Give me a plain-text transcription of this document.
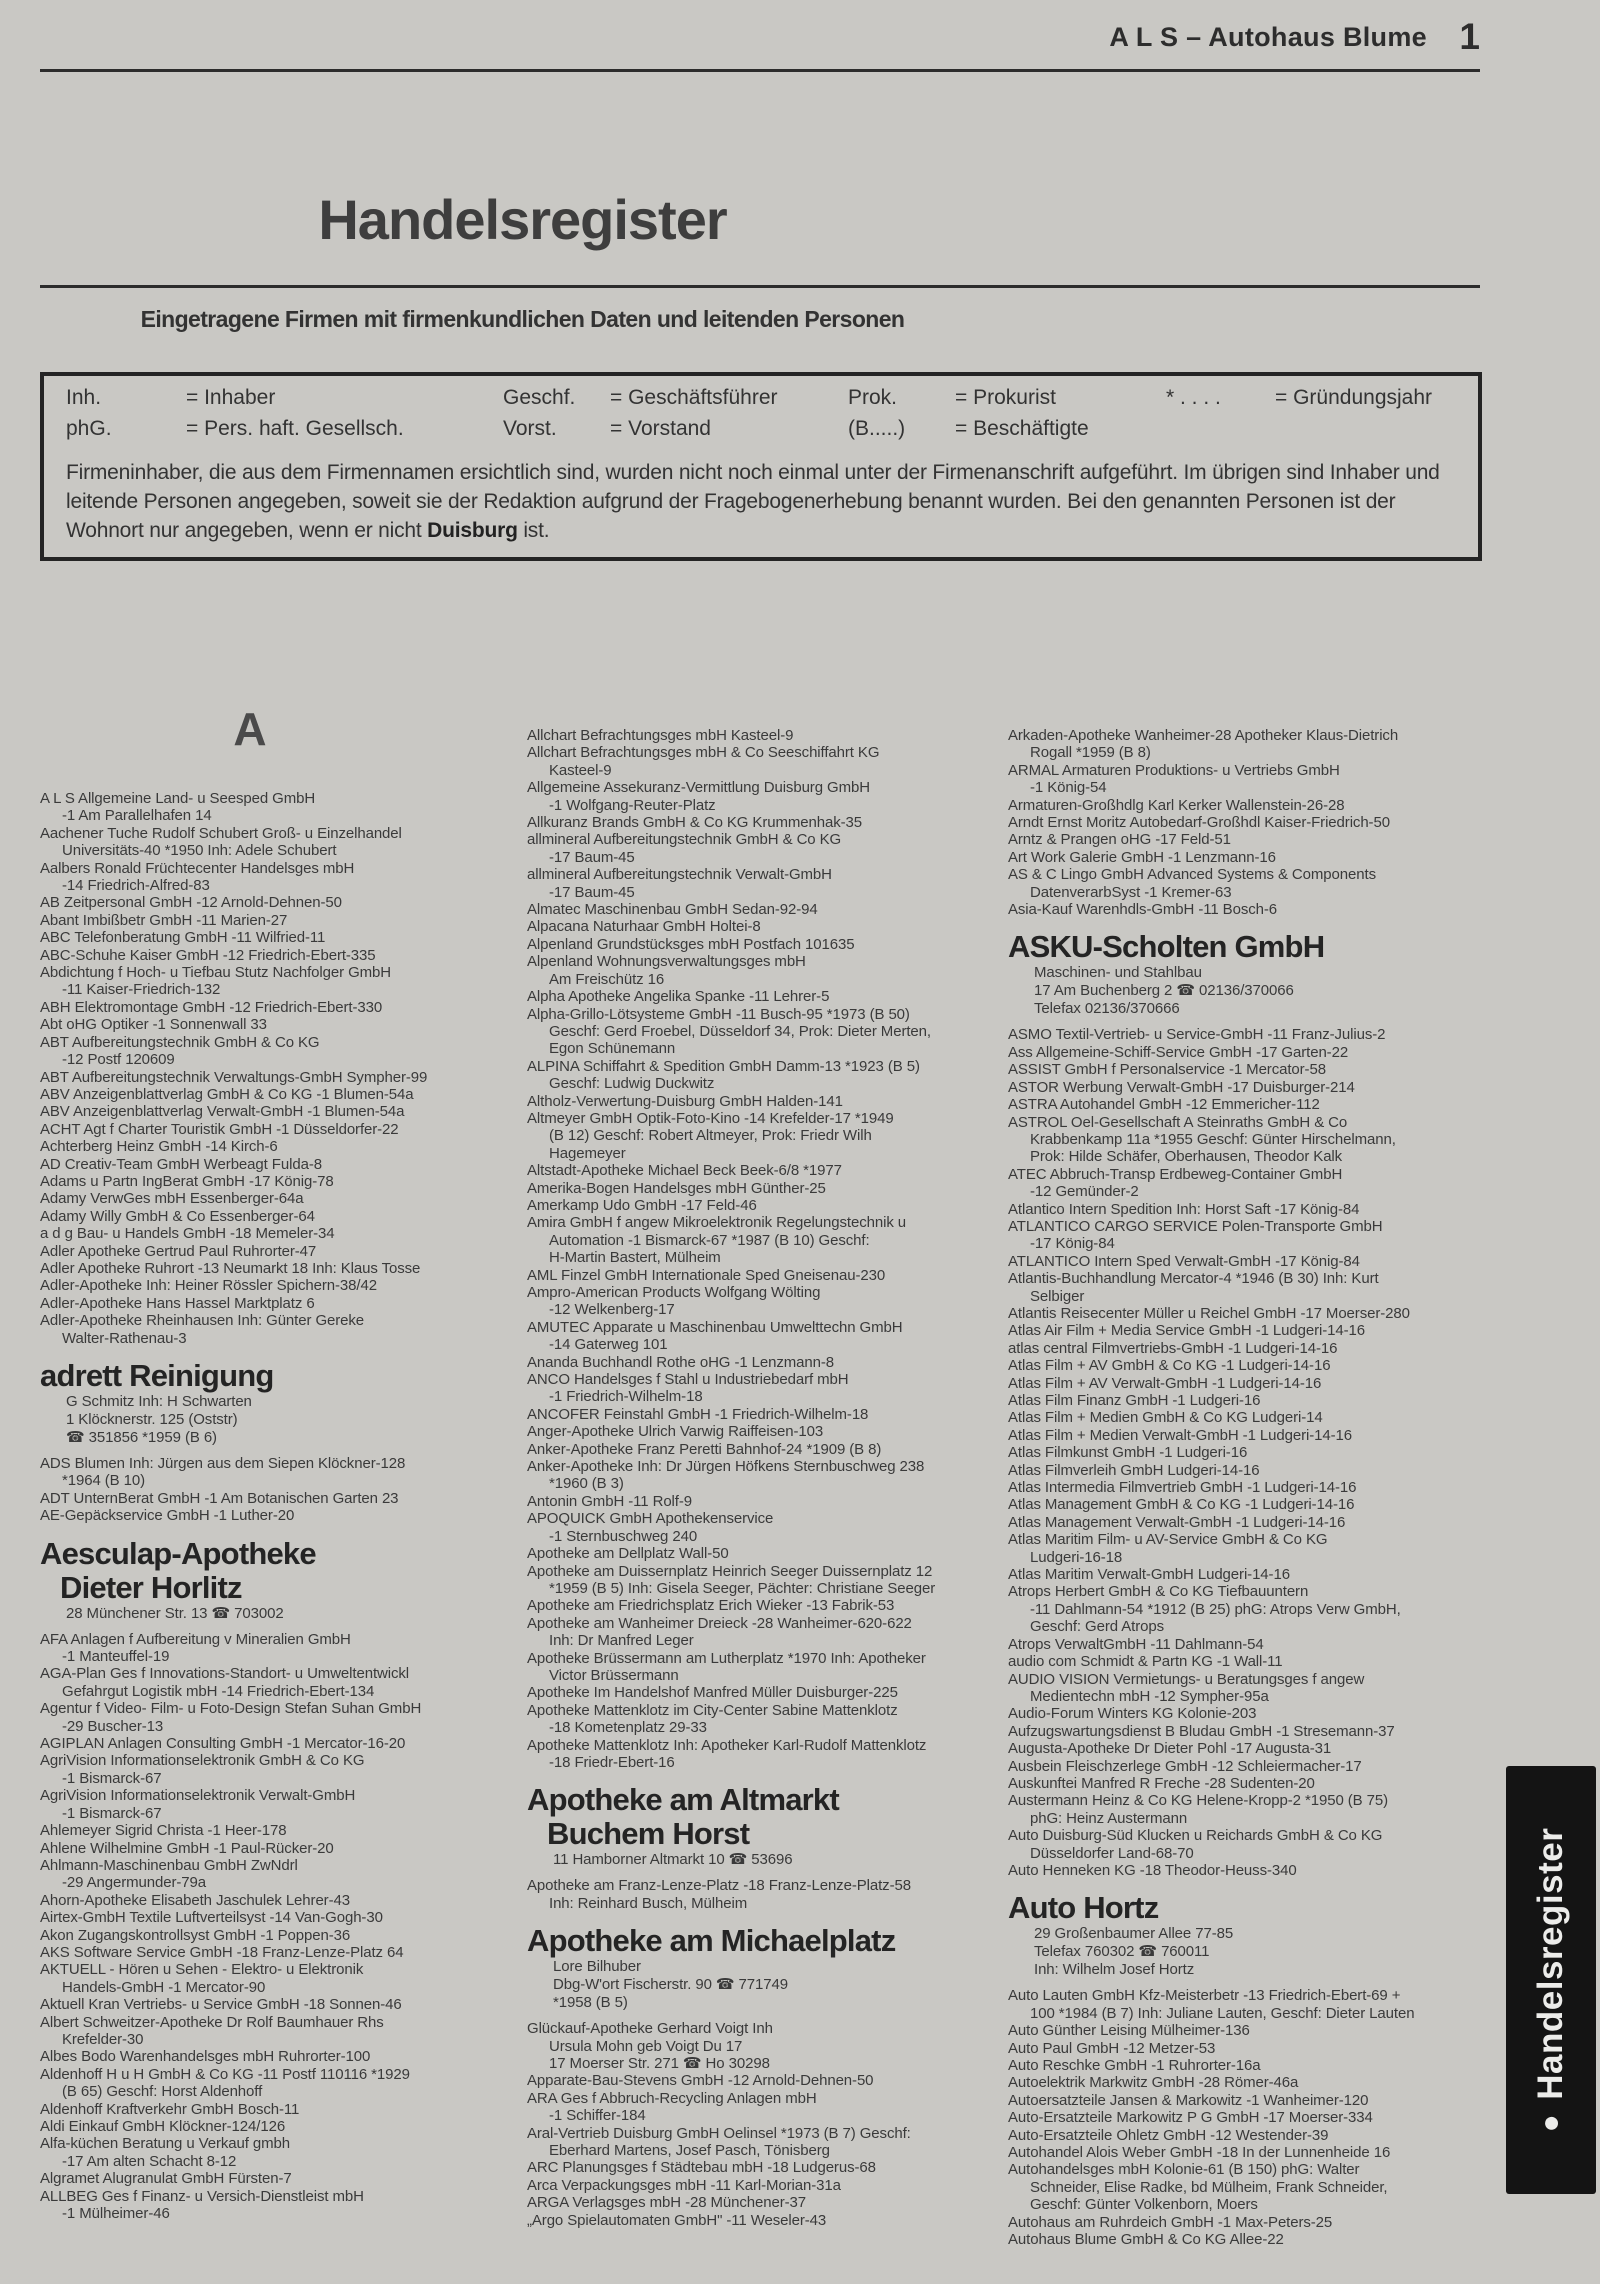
A L S – Autohaus Blume 1
Handelsregister
Eingetragene Firmen mit firmenkundlichen Daten und leitenden Personen
Inh.	= Inhaber	Geschf. = Geschäftsführer	Prok.	= Prokurist	* . . . .	= Gründungsjahr
phG.	= Pers. haft. Gesellsch.	Vorst.	= Vorstand	(B.....) = Beschäftigte
Firmeninhaber, die aus dem Firmennamen ersichtlich sind, wurden nicht noch einmal unter der Firmenanschrift aufgeführt. Im übrigen sind Inhaber und leitende Personen angegeben, soweit sie der Redaktion aufgrund der Fragebogenerhebung benannt wurden. Bei den genannten Personen ist der Wohnort nur angegeben, wenn er nicht Duisburg ist.
A
A L S Allgemeine Land- u Seesped GmbH
-1 Am Parallelhafen 14
Aachener Tuche Rudolf Schubert Groß- u Einzelhandel
Universitäts-40 *1950 Inh: Adele Schubert
Aalbers Ronald Früchtecenter Handelsges mbH
-14 Friedrich-Alfred-83
AB Zeitpersonal GmbH -12 Arnold-Dehnen-50
Abant Imbißbetr GmbH -11 Marien-27
ABC Telefonberatung GmbH -11 Wilfried-11
ABC-Schuhe Kaiser GmbH -12 Friedrich-Ebert-335
Abdichtung f Hoch- u Tiefbau Stutz Nachfolger GmbH
-11 Kaiser-Friedrich-132
ABH Elektromontage GmbH -12 Friedrich-Ebert-330
Abt oHG Optiker -1 Sonnenwall 33
ABT Aufbereitungstechnik GmbH & Co KG
-12 Postf 120609
ABT Aufbereitungstechnik Verwaltungs-GmbH Sympher-99
ABV Anzeigenblattverlag GmbH & Co KG -1 Blumen-54a
ABV Anzeigenblattverlag Verwalt-GmbH -1 Blumen-54a
ACHT Agt f Charter Touristik GmbH -1 Düsseldorfer-22
Achterberg Heinz GmbH -14 Kirch-6
AD Creativ-Team GmbH Werbeagt Fulda-8
Adams u Partn IngBerat GmbH -17 König-78
Adamy VerwGes mbH Essenberger-64a
Adamy Willy GmbH & Co Essenberger-64
a d g Bau- u Handels GmbH -18 Memeler-34
Adler Apotheke Gertrud Paul Ruhrorter-47
Adler Apotheke Ruhrort -13 Neumarkt 18 Inh: Klaus Tosse
Adler-Apotheke Inh: Heiner Rössler Spichern-38/42
Adler-Apotheke Hans Hassel Marktplatz 6
Adler-Apotheke Rheinhausen Inh: Günter Gereke
Walter-Rathenau-3
adrett Reinigung
G Schmitz Inh: H Schwarten
1 Klöcknerstr. 125 (Oststr)
☎ 351856 *1959 (B 6)
ADS Blumen Inh: Jürgen aus dem Siepen Klöckner-128
*1964 (B 10)
ADT UnternBerat GmbH -1 Am Botanischen Garten 23
AE-Gepäckservice GmbH -1 Luther-20
Aesculap-Apotheke
Dieter Horlitz
28 Münchener Str. 13 ☎ 703002
AFA Anlagen f Aufbereitung v Mineralien GmbH
-1 Manteuffel-19
AGA-Plan Ges f Innovations-Standort- u Umweltentwickl
Gefahrgut Logistik mbH -14 Friedrich-Ebert-134
Agentur f Video- Film- u Foto-Design Stefan Suhan GmbH
-29 Buscher-13
AGIPLAN Anlagen Consulting GmbH -1 Mercator-16-20
AgriVision Informationselektronik GmbH & Co KG
-1 Bismarck-67
AgriVision Informationselektronik Verwalt-GmbH
-1 Bismarck-67
Ahlemeyer Sigrid Christa -1 Heer-178
Ahlene Wilhelmine GmbH -1 Paul-Rücker-20
Ahlmann-Maschinenbau GmbH ZwNdrl
-29 Angermunder-79a
Ahorn-Apotheke Elisabeth Jaschulek Lehrer-43
Airtex-GmbH Textile Luftverteilsyst -14 Van-Gogh-30
Akon Zugangskontrollsyst GmbH -1 Poppen-36
AKS Software Service GmbH -18 Franz-Lenze-Platz 64
AKTUELL - Hören u Sehen - Elektro- u Elektronik
Handels-GmbH -1 Mercator-90
Aktuell Kran Vertriebs- u Service GmbH -18 Sonnen-46
Albert Schweitzer-Apotheke Dr Rolf Baumhauer Rhs
Krefelder-30
Albes Bodo Warenhandelsges mbH Ruhrorter-100
Aldenhoff H u H GmbH & Co KG -11 Postf 110116 *1929
(B 65) Geschf: Horst Aldenhoff
Aldenhoff Kraftverkehr GmbH Bosch-11
Aldi Einkauf GmbH Klöckner-124/126
Alfa-küchen Beratung u Verkauf gmbh
-17 Am alten Schacht 8-12
Algramet Alugranulat GmbH Fürsten-7
ALLBEG Ges f Finanz- u Versich-Dienstleist mbH
-1 Mülheimer-46
Allchart Befrachtungsges mbH Kasteel-9
Allchart Befrachtungsges mbH & Co Seeschiffahrt KG
Kasteel-9
Allgemeine Assekuranz-Vermittlung Duisburg GmbH
-1 Wolfgang-Reuter-Platz
Allkuranz Brands GmbH & Co KG Krummenhak-35
allmineral Aufbereitungstechnik GmbH & Co KG
-17 Baum-45
allmineral Aufbereitungstechnik Verwalt-GmbH
-17 Baum-45
Almatec Maschinenbau GmbH Sedan-92-94
Alpacana Naturhaar GmbH Holtei-8
Alpenland Grundstücksges mbH Postfach 101635
Alpenland Wohnungsverwaltungsges mbH
Am Freischütz 16
Alpha Apotheke Angelika Spanke -11 Lehrer-5
Alpha-Grillo-Lötsysteme GmbH -11 Busch-95 *1973 (B 50)
Geschf: Gerd Froebel, Düsseldorf 34, Prok: Dieter Merten,
Egon Schünemann
ALPINA Schiffahrt & Spedition GmbH Damm-13 *1923 (B 5)
Geschf: Ludwig Duckwitz
Altholz-Verwertung-Duisburg GmbH Halden-141
Altmeyer GmbH Optik-Foto-Kino -14 Krefelder-17 *1949
(B 12) Geschf: Robert Altmeyer, Prok: Friedr Wilh
Hagemeyer
Altstadt-Apotheke Michael Beck Beek-6/8 *1977
Amerika-Bogen Handelsges mbH Günther-25
Amerkamp Udo GmbH -17 Feld-46
Amira GmbH f angew Mikroelektronik Regelungstechnik u
Automation -1 Bismarck-67 *1987 (B 10) Geschf:
H-Martin Bastert, Mülheim
AML Finzel GmbH Internationale Sped Gneisenau-230
Ampro-American Products Wolfgang Wölting
-12 Welkenberg-17
AMUTEC Apparate u Maschinenbau Umwelttechn GmbH
-14 Gaterweg 101
Ananda Buchhandl Rothe oHG -1 Lenzmann-8
ANCO Handelsges f Stahl u Industriebedarf mbH
-1 Friedrich-Wilhelm-18
ANCOFER Feinstahl GmbH -1 Friedrich-Wilhelm-18
Anger-Apotheke Ulrich Varwig Raiffeisen-103
Anker-Apotheke Franz Peretti Bahnhof-24 *1909 (B 8)
Anker-Apotheke Inh: Dr Jürgen Höfkens Sternbuschweg 238
*1960 (B 3)
Antonin GmbH -11 Rolf-9
APOQUICK GmbH Apothekenservice
-1 Sternbuschweg 240
Apotheke am Dellplatz Wall-50
Apotheke am Duissernplatz Heinrich Seeger Duissernplatz 12
*1959 (B 5) Inh: Gisela Seeger, Pächter: Christiane Seeger
Apotheke am Friedrichsplatz Erich Wieker -13 Fabrik-53
Apotheke am Wanheimer Dreieck -28 Wanheimer-620-622
Inh: Dr Manfred Leger
Apotheke Brüssermann am Lutherplatz *1970 Inh: Apotheker
Victor Brüssermann
Apotheke Im Handelshof Manfred Müller Duisburger-225
Apotheke Mattenklotz im City-Center Sabine Mattenklotz
-18 Kometenplatz 29-33
Apotheke Mattenklotz Inh: Apotheker Karl-Rudolf Mattenklotz
-18 Friedr-Ebert-16
Apotheke am Altmarkt
Buchem Horst
11 Hamborner Altmarkt 10 ☎ 53696
Apotheke am Franz-Lenze-Platz -18 Franz-Lenze-Platz-58
Inh: Reinhard Busch, Mülheim
Apotheke am Michaelplatz
Lore Bilhuber
Dbg-W'ort Fischerstr. 90 ☎ 771749
*1958 (B 5)
Glückauf-Apotheke Gerhard Voigt Inh
Ursula Mohn geb Voigt Du 17
17 Moerser Str. 271 ☎ Ho 30298
Apparate-Bau-Stevens GmbH -12 Arnold-Dehnen-50
ARA Ges f Abbruch-Recycling Anlagen mbH
-1 Schiffer-184
Aral-Vertrieb Duisburg GmbH Oelinsel *1973 (B 7) Geschf:
Eberhard Martens, Josef Pasch, Tönisberg
ARC Planungsges f Städtebau mbH -18 Ludgerus-68
Arca Verpackungsges mbH -11 Karl-Morian-31a
ARGA Verlagsges mbH -28 Münchener-37
„Argo Spielautomaten GmbH" -11 Weseler-43
Arkaden-Apotheke Wanheimer-28 Apotheker Klaus-Dietrich
Rogall *1959 (B 8)
ARMAL Armaturen Produktions- u Vertriebs GmbH
-1 König-54
Armaturen-Großhdlg Karl Kerker Wallenstein-26-28
Arndt Ernst Moritz Autobedarf-Großhdl Kaiser-Friedrich-50
Arntz & Prangen oHG -17 Feld-51
Art Work Galerie GmbH -1 Lenzmann-16
AS & C Lingo GmbH Advanced Systems & Components
DatenverarbSyst -1 Kremer-63
Asia-Kauf Warenhdls-GmbH -11 Bosch-6
ASKU-Scholten GmbH
Maschinen- und Stahlbau
17 Am Buchenberg 2 ☎ 02136/370066
Telefax 02136/370666
ASMO Textil-Vertrieb- u Service-GmbH -11 Franz-Julius-2
Ass Allgemeine-Schiff-Service GmbH -17 Garten-22
ASSIST GmbH f Personalservice -1 Mercator-58
ASTOR Werbung Verwalt-GmbH -17 Duisburger-214
ASTRA Autohandel GmbH -12 Emmericher-112
ASTROL Oel-Gesellschaft A Steinraths GmbH & Co
Krabbenkamp 11a *1955 Geschf: Günter Hirschelmann,
Prok: Hilde Schäfer, Oberhausen, Theodor Kalk
ATEC Abbruch-Transp Erdbeweg-Container GmbH
-12 Gemünder-2
Atlantico Intern Spedition Inh: Horst Saft -17 König-84
ATLANTICO CARGO SERVICE Polen-Transporte GmbH
-17 König-84
ATLANTICO Intern Sped Verwalt-GmbH -17 König-84
Atlantis-Buchhandlung Mercator-4 *1946 (B 30) Inh: Kurt
Selbiger
Atlantis Reisecenter Müller u Reichel GmbH -17 Moerser-280
Atlas Air Film + Media Service GmbH -1 Ludgeri-14-16
atlas central Filmvertriebs-GmbH -1 Ludgeri-14-16
Atlas Film + AV GmbH & Co KG -1 Ludgeri-14-16
Atlas Film + AV Verwalt-GmbH -1 Ludgeri-14-16
Atlas Film Finanz GmbH -1 Ludgeri-16
Atlas Film + Medien GmbH & Co KG Ludgeri-14
Atlas Film + Medien Verwalt-GmbH -1 Ludgeri-14-16
Atlas Filmkunst GmbH -1 Ludgeri-16
Atlas Filmverleih GmbH Ludgeri-14-16
Atlas Intermedia Filmvertrieb GmbH -1 Ludgeri-14-16
Atlas Management GmbH & Co KG -1 Ludgeri-14-16
Atlas Management Verwalt-GmbH -1 Ludgeri-14-16
Atlas Maritim Film- u AV-Service GmbH & Co KG
Ludgeri-16-18
Atlas Maritim Verwalt-GmbH Ludgeri-14-16
Atrops Herbert GmbH & Co KG Tiefbauuntern
-11 Dahlmann-54 *1912 (B 25) phG: Atrops Verw GmbH,
Geschf: Gerd Atrops
Atrops VerwaltGmbH -11 Dahlmann-54
audio com Schmidt & Partn KG -1 Wall-11
AUDIO VISION Vermietungs- u Beratungsges f angew
Medientechn mbH -12 Sympher-95a
Audio-Forum Winters KG Kolonie-203
Aufzugswartungsdienst B Bludau GmbH -1 Stresemann-37
Augusta-Apotheke Dr Dieter Pohl -17 Augusta-31
Ausbein Fleischzerlege GmbH -12 Schleiermacher-17
Auskunftei Manfred R Freche -28 Sudenten-20
Austermann Heinz & Co KG Helene-Kropp-2 *1950 (B 75)
phG: Heinz Austermann
Auto Duisburg-Süd Klucken u Reichards GmbH & Co KG
Düsseldorfer Land-68-70
Auto Henneken KG -18 Theodor-Heuss-340
Auto Hortz
29 Großenbaumer Allee 77-85
Telefax 760302 ☎ 760011
Inh: Wilhelm Josef Hortz
Auto Lauten GmbH Kfz-Meisterbetr -13 Friedrich-Ebert-69 +
100 *1984 (B 7) Inh: Juliane Lauten, Geschf: Dieter Lauten
Auto Günther Leising Mülheimer-136
Auto Paul GmbH -12 Metzer-53
Auto Reschke GmbH -1 Ruhrorter-16a
Autoelektrik Markwitz GmbH -28 Römer-46a
Autoersatzteile Jansen & Markowitz -1 Wanheimer-120
Auto-Ersatzteile Markowitz P G GmbH -17 Moerser-334
Auto-Ersatzteile Ohletz GmbH -12 Westender-39
Autohandel Alois Weber GmbH -18 In der Lunnenheide 16
Autohandelsges mbH Kolonie-61 (B 150) phG: Walter
Schneider, Elise Radke, bd Mülheim, Frank Schneider,
Geschf: Günter Volkenborn, Moers
Autohaus am Ruhrdeich GmbH -1 Max-Peters-25
Autohaus Blume GmbH & Co KG Allee-22
●Handelsregister
